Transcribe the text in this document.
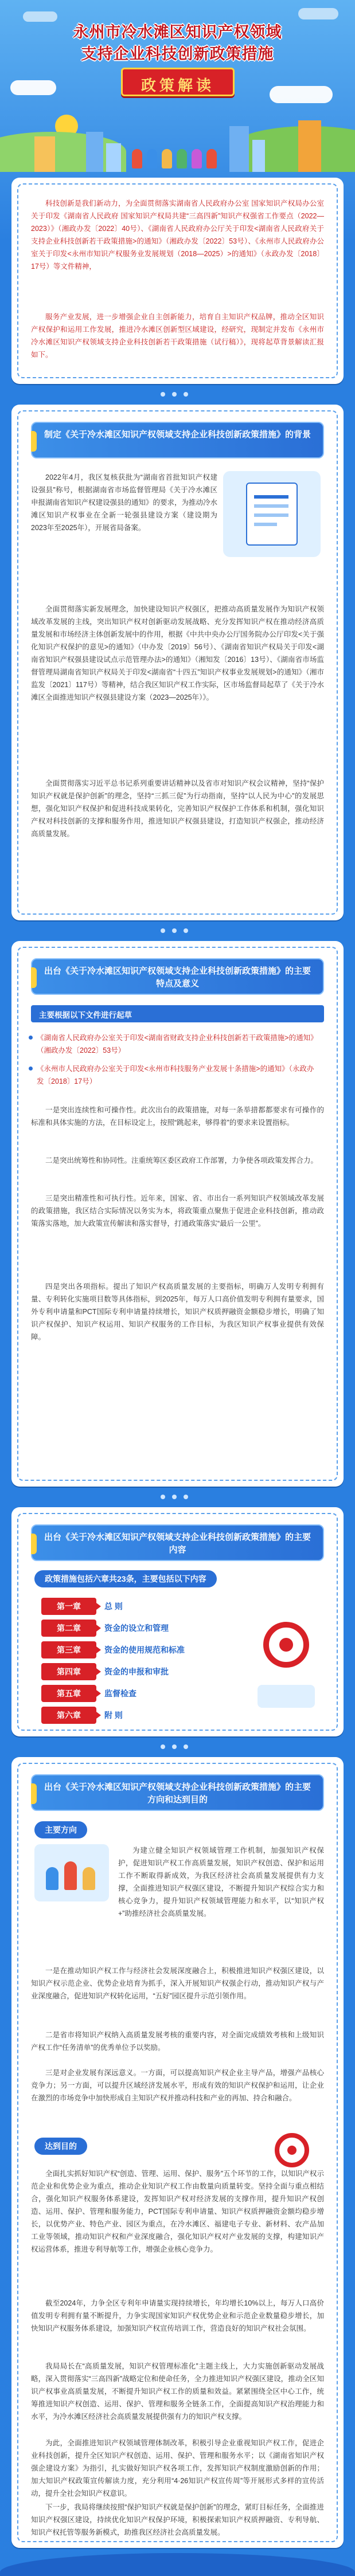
永州市冷水滩区知识产权领域
支持企业科技创新政策措施
政策解读
科技创新是我们新动力，为全面贯彻落实湖南省人民政府办公室 国家知识产权局办公室关于印发《湖南省人民政府 国家知识产权局共建“三高四新”知识产权强省工作要点（2022—2023）》（湘政办发〔2022〕40号）、《湖南省人民政府办公厅关于印发<湖南省人民政府关于支持企业科技创新若干政策措施>的通知》（湘政办发〔2022〕53号）、《永州市人民政府办公室关于印发<永州市知识产权服务业发展规划（2018—2025）>的通知》（永政办发〔2018〕17号）等文件精神，
服务产业发展，进一步增强企业自主创新能力，培育自主知识产权品牌，推动全区知识产权保护和运用工作发展，推进冷水滩区创新型区域建设，经研究，现制定并发布《永州市冷水滩区知识产权领域支持企业科技创新若干政策措施（试行稿）》，现将起草背景解读汇报如下。
制定《关于冷水滩区知识产权领域支持企业科技创新政策措施》的背景
2022年4月，我区复核获批为“湖南省首批知识产权建设强县”称号，根据湖南省市场监督管理局《关于冷水滩区申报湖南省知识产权建设强县的通知》的要求，为推动冷水滩区知识产权事业在全新一轮强县建设方案（建设期为2023年至2025年），开展省局备案。
全面贯彻落实新发展理念，加快建设知识产权强区，把推动高质量发展作为知识产权领域改革发展的主线，突出知识产权对创新驱动发展战略、充分发挥知识产权在推动经济高质量发展和市场经济主体创新发展中的作用，根据《中共中央办公厅国务院办公厅印发<关于强化知识产权保护的意见>的通知》（中办发〔2019〕56号）、《湖南省知识产权局关于印发<湖南省知识产权强县建设试点示范管理办法>的通知》（湘知发〔2016〕13号）、《湖南省市场监督管理局湖南省知识产权局关于印发<湖南省“十四五”知识产权事业发展规划>的通知》（湘市监发〔2021〕117号）等精神，结合我区知识产权工作实际，区市场监督局起草了《关于冷水滩区全面推进知识产权强县建设方案（2023—2025年）》。
全面贯彻落实习近平总书记系列重要讲话精神以及省市对知识产权会议精神，坚持“保护知识产权就是保护创新”的理念，坚持“三抓三促”为行动指南，坚持“以人民为中心”的发展思想，强化知识产权保护和促进科技成果转化，完善知识产权保护工作体系和机制，强化知识产权对科技创新的支撑和服务作用，推进知识产权强县建设，打造知识产权强企，推动经济高质量发展。
出台《关于冷水滩区知识产权领域支持企业科技创新政策措施》的主要特点及意义
主要根据以下文件进行起草
《湖南省人民政府办公室关于印发<湖南省财政支持企业科技创新若干政策措施>的通知》（湘政办发〔2022〕53号）
《永州市人民政府办公室关于印发<永州市科技服务产业发展十条措施>的通知》（永政办发〔2018〕17号）
一是突出连续性和可操作性。此次出台的政策措施，对每一条举措都都要求有可操作的标准和具体实施的方法，在目标设定上，按照“跳起来，够得着”的要求来设置指标。
二是突出统筹性和协同性。注重统筹区委区政府工作部署，力争使各项政策发挥合力。
三是突出精准性和可执行性。近年来，国家、省、市出台一系列知识产权领域改革发展的政策措施，我区结合实际情况以务实为本，将政策重点聚焦于促进企业科技创新，推动政策落实落地，加大政策宣传解读和落实督导，打通政策落实“最后一公里”。
四是突出各项指标。提出了知识产权高质量发展的主要指标，明确万人发明专利拥有量、专利转化实施项目数等具体指标，到2025年，每万人口高价值发明专利拥有量要求，国外专利申请量和PCT国际专利申请量持续增长，知识产权质押融资金额稳步增长，明确了知识产权保护、知识产权运用、知识产权服务的工作目标，为我区知识产权事业提供有效保障。
出台《关于冷水滩区知识产权领域支持企业科技创新政策措施》的主要内容
政策措施包括六章共23条，主要包括以下内容
第一章	总 则
第二章	资金的设立和管理
第三章	资金的使用规范和标准
第四章	资金的申报和审批
第五章	监督检查
第六章	附 则
出台《关于冷水滩区知识产权领域支持企业科技创新政策措施》的主要方向和达到目的
主要方向
为建立健全知识产权领域管理工作机制，加强知识产权保护，促进知识产权工作高质量发展，知识产权创造、保护和运用工作不断取得新成效，为我区经济社会高质量发展提供有力支撑，全面推进知识产权强区建设，不断提升知识产权综合实力和核心竞争力，提升知识产权领域管理能力和水平，以“知识产权+”助推经济社会高质量发展。
一是在推动知识产权工作与经济社会发展深度融合上，积极推进知识产权强区建设，以知识产权示范企业、优势企业培育为抓手，深入开展知识产权强企行动，推动知识产权与产业深度融合，促进知识产权转化运用，“五好”园区提升示范引领作用。
二是省市将知识产权纳入高质量发展考核的重要内容，对全面完成绩效考核和上级知识产权工作“任务清单”的优秀单位予以奖励。
三是对企业发展有深远意义。一方面，可以提高知识产权企业主导产品，增强产品核心竞争力；另一方面，可以提升区域经济发展水平，形成有效的知识产权保护和运用，让企业在激烈的市场竞争中加快形成自主知识产权并推动科技和产业的再加、持合和融合。
达到目的
全面扎实抓好知识产权“创造、管理、运用、保护、服务”五个环节的工作，以知识产权示范企业和优势企业为重点，推动企业知识产权工作由数量向质量转变。坚持全面与重点相结合，强化知识产权服务体系建设，发挥知识产权对经济发展的支撑作用，提升知识产权创造、运用、保护、管理和服务能力，PCT国际专利申请量、知识产权质押融资金额均稳步增长，以优势产业、特色产业、园区为重点，在冷水滩区、福建电子专业、新材料、农产品加工业等领域，推动知识产权和产业深度融合，强化知识产权对产业发展的支撑，构建知识产权运营体系，推进专利导航等工作，增强企业核心竞争力。
截至2024年，力争全区专利年申请量实现持续增长，年均增长10%以上，每万人口高价值发明专利拥有量不断提升，力争实现国家知识产权优势企业和示范企业数量稳步增长，加快知识产权服务体系建设，加强知识产权宣传培训工作，营造良好的知识产权社会氛围。
我局局长在“高质量发展，知识产权管理标准化”主题主线上，大力实施创新驱动发展战略，深入贯彻落实“三高四新”战略定位和使命任务，全力推进知识产权强区建设，推动全区知识产权事业高质量发展，不断提升知识产权工作的质量和效益。紧紧围绕全区中心工作，统筹推进知识产权创造、运用、保护、管理和服务全链条工作，全面提高知识产权治理能力和水平，为冷水滩区经济社会高质量发展提供强有力的知识产权支撑。
为此，全面推进知识产权领域管理体制改革，积极引导企业重视知识产权工作，促进企业科技创新，提升全区知识产权创造、运用、保护、管理和服务水平；以《湖南省知识产权强企建设方案》为指引，扎实做好知识产权各项工作，发挥知识产权制度激励创新的作用；加大知识产权政策宣传解读力度，充分利用“4·26知识产权宣传周”等开展形式多样的宣传活动，提升全社会知识产权意识。
下一步，我局将继续按照“保护知识产权就是保护创新”的理念，紧盯目标任务，全面推进知识产权强区建设，持续优化知识产权保护环境，积极探索知识产权质押融资、专利导航、知识产权托管等服务新模式，助推我区经济社会高质量发展。
